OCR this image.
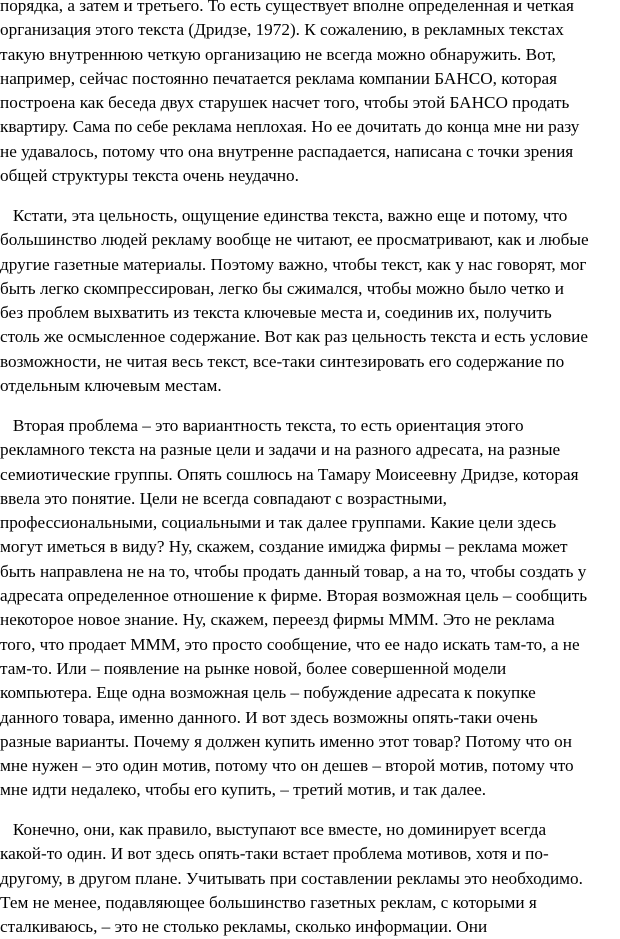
порядка, а затем и третьего. То есть существует вполне определенная и четкая
организация этого текста (Дридзе, 1972). К сожалению, в рекламных текстах
такую внутреннюю четкую организацию не всегда можно обнаружить. Вот,
например, сейчас постоянно печатается реклама компании БАНСО, которая
построена как беседа двух старушек насчет того, чтобы этой БАНСО продать
квартиру. Сама по себе реклама неплохая. Но ее дочитать до конца мне ни разу
не удавалось, потому что она внутренне распадается, написана с точки зрения
общей структуры текста очень неудачно.
Кстати, эта цельность, ощущение единства текста, важно еще и потому, что
большинство людей рекламу вообще не читают, ее просматривают, как и любые
другие газетные материалы. Поэтому важно, чтобы текст, как у нас говорят, мог
быть легко скомпрессирован, легко бы сжимался, чтобы можно было четко и
без проблем выхватить из текста ключевые места и, соединив их, получить
столь же осмысленное содержание. Вот как раз цельность текста и есть условие
возможности, не читая весь текст, все-таки синтезировать его содержание по
отдельным ключевым местам.
Вторая проблема – это вариантность текста, то есть ориентация этого
рекламного текста на разные цели и задачи и на разного адресата, на разные
семиотические группы. Опять сошлюсь на Тамару Моисеевну Дридзе, которая
ввела это понятие. Цели не всегда совпадают с возрастными,
профессиональными, социальными и так далее группами. Какие цели здесь
могут иметься в виду? Ну, скажем, создание имиджа фирмы – реклама может
быть направлена не на то, чтобы продать данный товар, а на то, чтобы создать у
адресата определенное отношение к фирме. Вторая возможная цель – сообщить
некоторое новое знание. Ну, скажем, переезд фирмы МММ. Это не реклама
того, что продает МММ, это просто сообщение, что ее надо искать там-то, а не
там-то. Или – появление на рынке новой, более совершенной модели
компьютера. Еще одна возможная цель – побуждение адресата к покупке
данного товара, именно данного. И вот здесь возможны опять-таки очень
разные варианты. Почему я должен купить именно этот товар? Потому что он
мне нужен – это один мотив, потому что он дешев – второй мотив, потому что
мне идти недалеко, чтобы его купить, – третий мотив, и так далее.
Конечно, они, как правило, выступают все вместе, но доминирует всегда
какой-то один. И вот здесь опять-таки встает проблема мотивов, хотя и по-
другому, в другом плане. Учитывать при составлении рекламы это необходимо.
Тем не менее, подавляющее большинство газетных реклам, с которыми я
сталкиваюсь, – это не столько рекламы, сколько информации. Они
